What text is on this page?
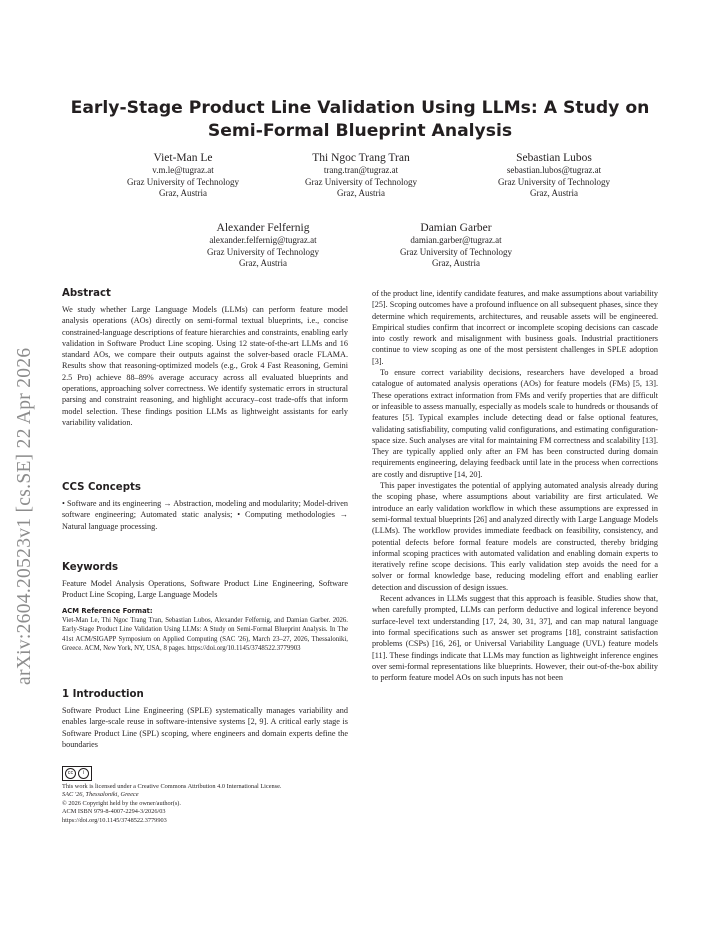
arXiv:2604.20523v1 [cs.SE] 22 Apr 2026
Early-Stage Product Line Validation Using LLMs: A Study on Semi-Formal Blueprint Analysis
Viet-Man Le
v.m.le@tugraz.at
Graz University of Technology
Graz, Austria
Thi Ngoc Trang Tran
trang.tran@tugraz.at
Graz University of Technology
Graz, Austria
Sebastian Lubos
sebastian.lubos@tugraz.at
Graz University of Technology
Graz, Austria
Alexander Felfernig
alexander.felfernig@tugraz.at
Graz University of Technology
Graz, Austria
Damian Garber
damian.garber@tugraz.at
Graz University of Technology
Graz, Austria
Abstract

We study whether Large Language Models (LLMs) can perform feature model analysis operations (AOs) directly on semi-formal textual blueprints, i.e., concise constrained-language descriptions of feature hierarchies and constraints, enabling early validation in Software Product Line scoping. Using 12 state-of-the-art LLMs and 16 standard AOs, we compare their outputs against the solver-based oracle FLAMA. Results show that reasoning-optimized models (e.g., Grok 4 Fast Reasoning, Gemini 2.5 Pro) achieve 88–89% average accuracy across all evaluated blueprints and operations, approaching solver correctness. We identify systematic errors in structural parsing and constraint reasoning, and highlight accuracy–cost trade-offs that inform model selection. These findings position LLMs as lightweight assistants for early variability validation.

CCS Concepts

• Software and its engineering → Abstraction, modeling and modularity; Model-driven software engineering; Automated static analysis; • Computing methodologies → Natural language processing.

Keywords

Feature Model Analysis Operations, Software Product Line Engineering, Software Product Line Scoping, Large Language Models

ACM Reference Format:

Viet-Man Le, Thi Ngoc Trang Tran, Sebastian Lubos, Alexander Felfernig, and Damian Garber. 2026. Early-Stage Product Line Validation Using LLMs: A Study on Semi-Formal Blueprint Analysis. In The 41st ACM/SIGAPP Symposium on Applied Computing (SAC '26), March 23–27, 2026, Thessaloniki, Greece. ACM, New York, NY, USA, 8 pages. https://doi.org/10.1145/3748522.3779903

1 Introduction

Software Product Line Engineering (SPLE) systematically manages variability and enables large-scale reuse in software-intensive systems [2, 9]. A critical early stage is Software Product Line (SPL) scoping, where engineers and domain experts define the boundaries

cc	i
This work is licensed under a Creative Commons Attribution 4.0 International License.
SAC '26, Thessaloniki, Greece
© 2026 Copyright held by the owner/author(s).
ACM ISBN 979-8-4007-2294-3/2026/03
https://doi.org/10.1145/3748522.3779903

of the product line, identify candidate features, and make assumptions about variability [25]. Scoping outcomes have a profound influence on all subsequent phases, since they determine which requirements, architectures, and reusable assets will be engineered. Empirical studies confirm that incorrect or incomplete scoping decisions can cascade into costly rework and misalignment with business goals. Industrial practitioners continue to view scoping as one of the most persistent challenges in SPLE adoption [3].

To ensure correct variability decisions, researchers have developed a broad catalogue of automated analysis operations (AOs) for feature models (FMs) [5, 13]. These operations extract information from FMs and verify properties that are difficult or infeasible to assess manually, especially as models scale to hundreds or thousands of features [5]. Typical examples include detecting dead or false optional features, validating satisfiability, computing valid configurations, and estimating configuration-space size. Such analyses are vital for maintaining FM correctness and scalability [13]. They are typically applied only after an FM has been constructed during domain requirements engineering, delaying feedback until late in the process when corrections are costly and disruptive [14, 20].

This paper investigates the potential of applying automated analysis already during the scoping phase, where assumptions about variability are first articulated. We introduce an early validation workflow in which these assumptions are expressed in semi-formal textual blueprints [26] and analyzed directly with Large Language Models (LLMs). The workflow provides immediate feedback on feasibility, consistency, and potential defects before formal feature models are constructed, thereby bridging informal scoping practices with automated validation and enabling domain experts to iteratively refine scope decisions. This early validation step avoids the need for a solver or formal knowledge base, reducing modeling effort and enabling earlier detection and discussion of design issues.

Recent advances in LLMs suggest that this approach is feasible. Studies show that, when carefully prompted, LLMs can perform deductive and logical inference beyond surface-level text understanding [17, 24, 30, 31, 37], and can map natural language into formal specifications such as answer set programs [18], constraint satisfaction problems (CSPs) [16, 26], or Universal Variability Language (UVL) feature models [11]. These findings indicate that LLMs may function as lightweight inference engines over semi-formal representations like blueprints. However, their out-of-the-box ability to perform feature model AOs on such inputs has not been
